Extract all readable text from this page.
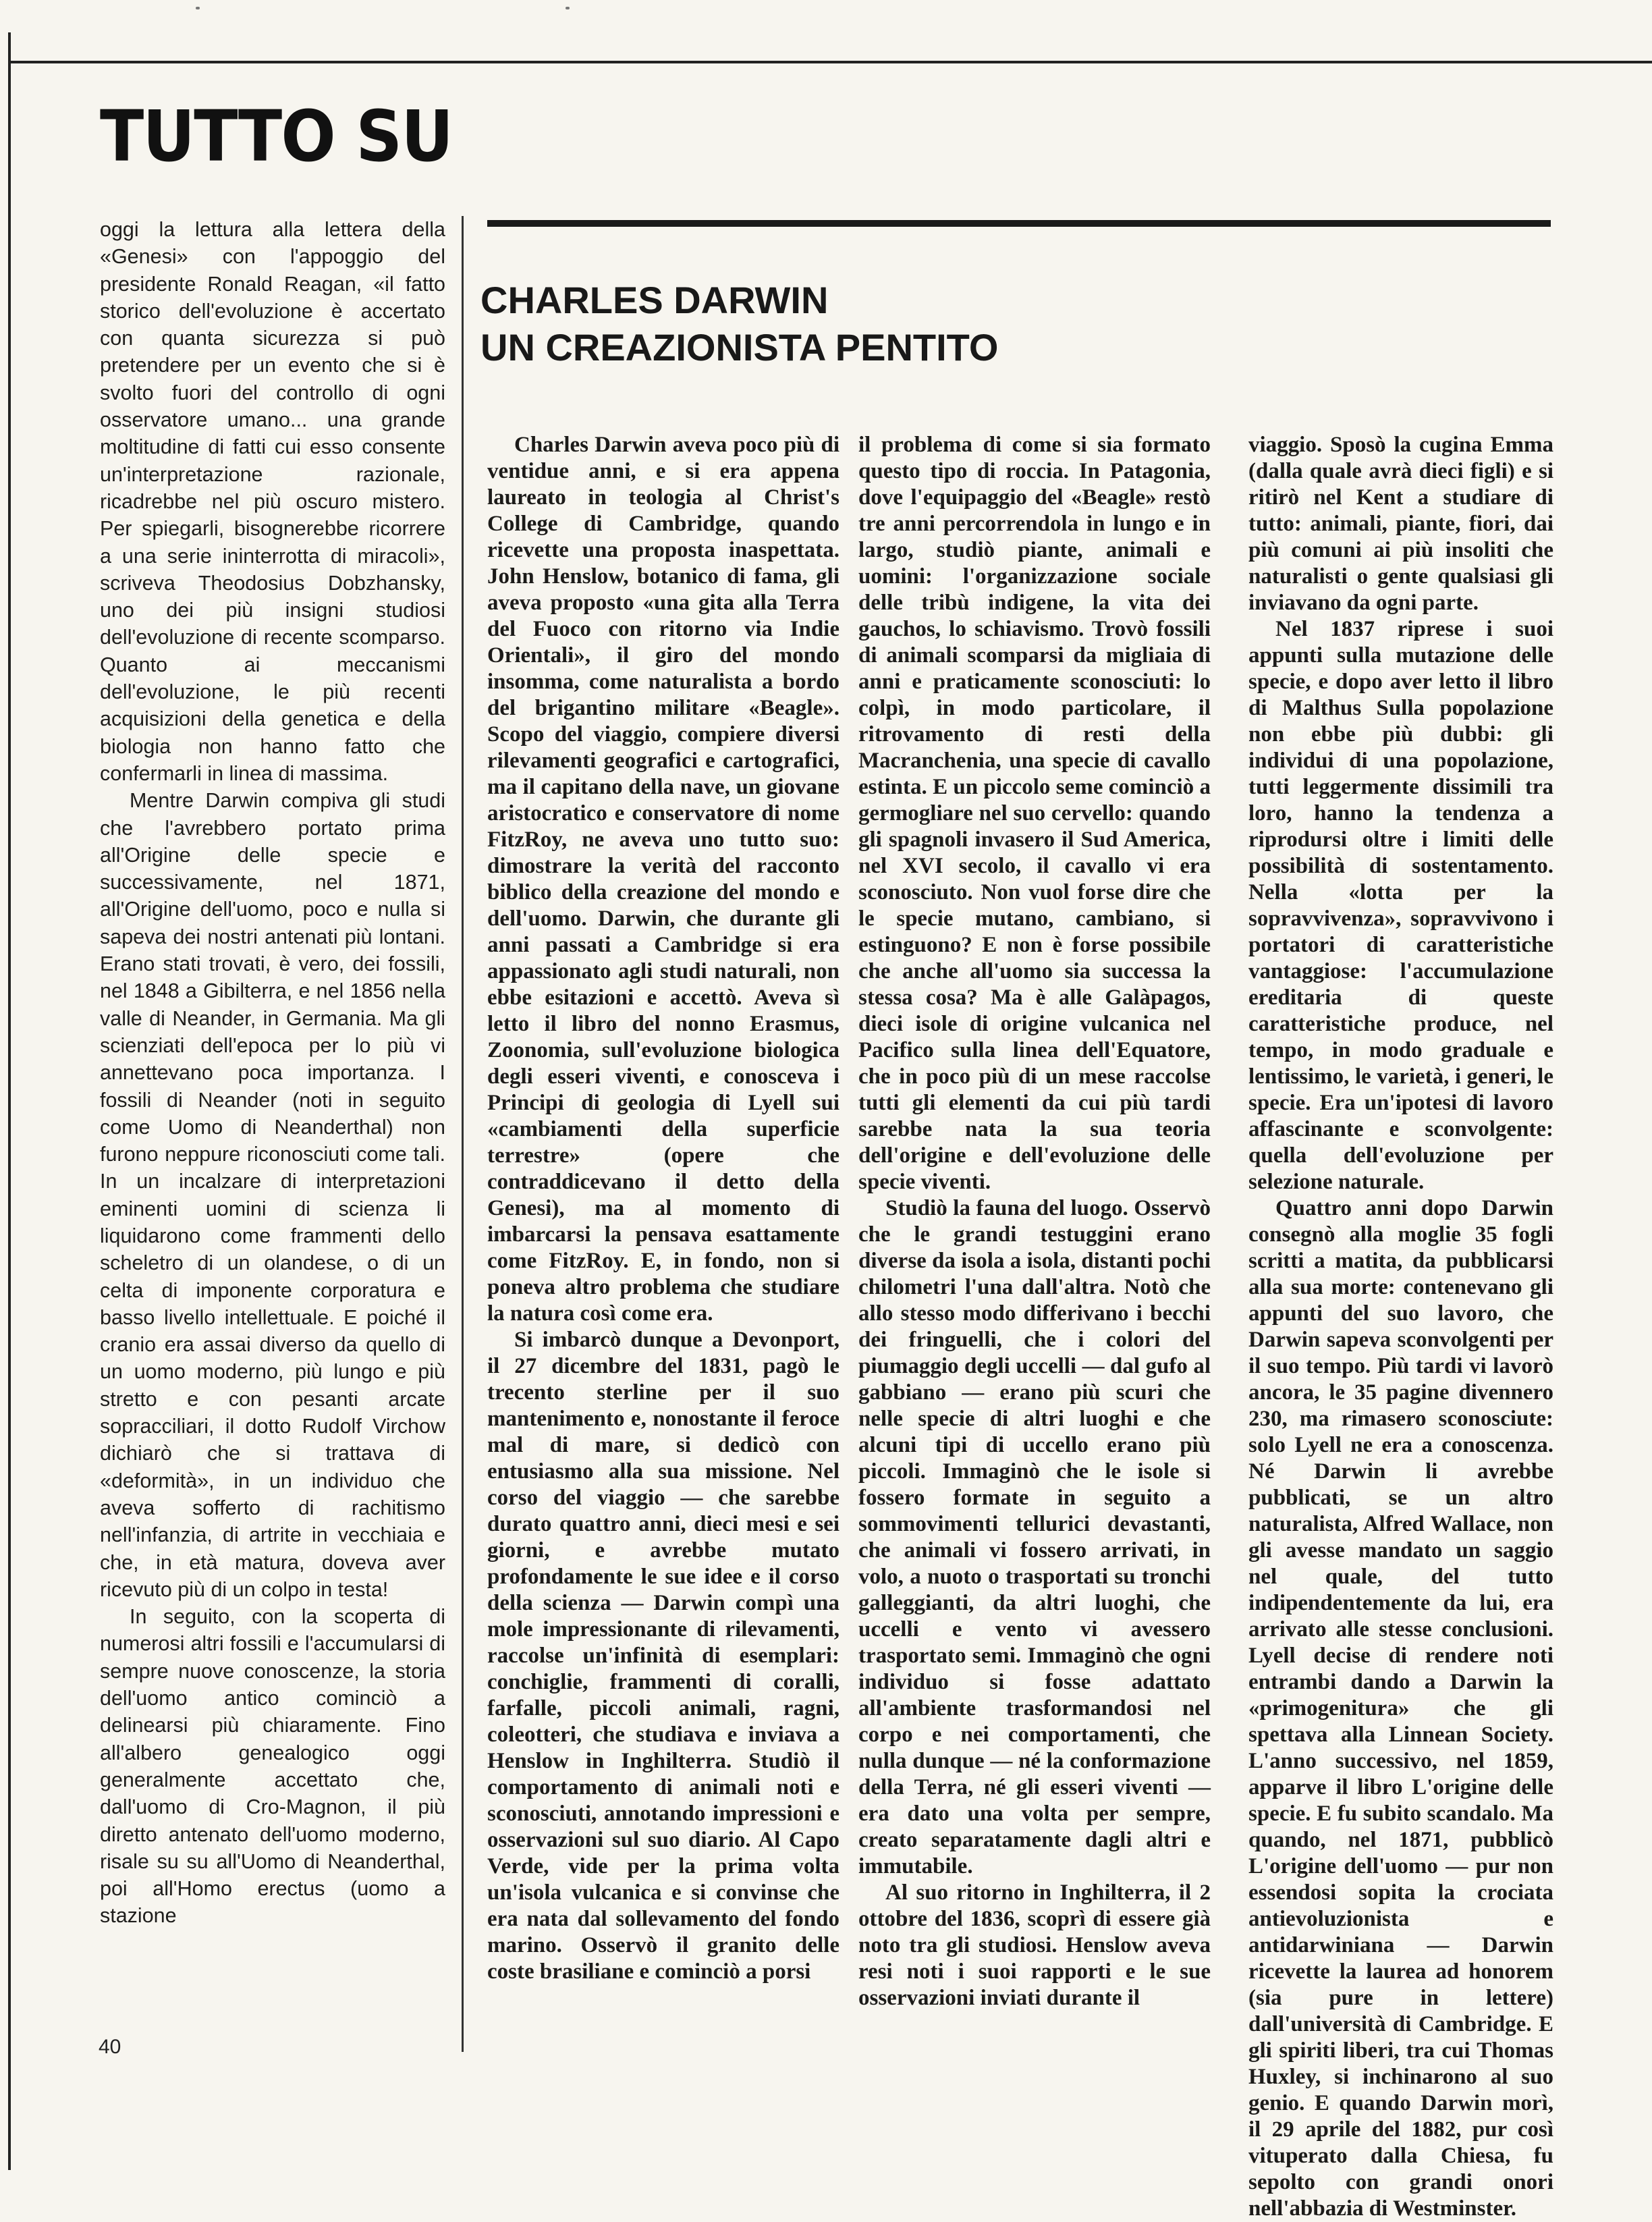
TUTTO SU

oggi la lettura alla lettera della «Genesi» con l'appoggio del presidente Ronald Reagan, «il fatto storico dell'evoluzione è accertato con quanta sicurezza si può pretendere per un evento che si è svolto fuori del controllo di ogni osservatore umano... una grande moltitudine di fatti cui esso consente un'interpretazione razionale, ricadrebbe nel più oscuro mistero. Per spiegarli, bisognerebbe ricorrere a una serie ininterrotta di miracoli», scriveva Theodosius Dobzhansky, uno dei più insigni studiosi dell'evoluzione di recente scomparso. Quanto ai meccanismi dell'evoluzione, le più recenti acquisizioni della genetica e della biologia non hanno fatto che confermarli in linea di massima.

Mentre Darwin compiva gli studi che l'avrebbero portato prima all'Origine delle specie e successivamente, nel 1871, all'Origine dell'uomo, poco e nulla si sapeva dei nostri antenati più lontani. Erano stati trovati, è vero, dei fossili, nel 1848 a Gibilterra, e nel 1856 nella valle di Neander, in Germania. Ma gli scienziati dell'epoca per lo più vi annettevano poca importanza. I fossili di Neander (noti in seguito come Uomo di Neanderthal) non furono neppure riconosciuti come tali. In un incalzare di interpretazioni eminenti uomini di scienza li liquidarono come frammenti dello scheletro di un olandese, o di un celta di imponente corporatura e basso livello intellettuale. E poiché il cranio era assai diverso da quello di un uomo moderno, più lungo e più stretto e con pesanti arcate sopracciliari, il dotto Rudolf Virchow dichiarò che si trattava di «deformità», in un individuo che aveva sofferto di rachitismo nell'infanzia, di artrite in vecchiaia e che, in età matura, doveva aver ricevuto più di un colpo in testa!

In seguito, con la scoperta di numerosi altri fossili e l'accumularsi di sempre nuove conoscenze, la storia dell'uomo antico cominciò a delinearsi più chiaramente. Fino all'albero genealogico oggi generalmente accettato che, dall'uomo di Cro-Magnon, il più diretto antenato dell'uomo moderno, risale su su all'Uomo di Neanderthal, poi all'Homo erectus (uomo a stazione

CHARLES DARWIN
UN CREAZIONISTA PENTITO

Charles Darwin aveva poco più di ventidue anni, e si era appena laureato in teologia al Christ's College di Cambridge, quando ricevette una proposta inaspettata. John Henslow, botanico di fama, gli aveva proposto «una gita alla Terra del Fuoco con ritorno via Indie Orientali», il giro del mondo insomma, come naturalista a bordo del brigantino militare «Beagle». Scopo del viaggio, compiere diversi rilevamenti geografici e cartografici, ma il capitano della nave, un giovane aristocratico e conservatore di nome FitzRoy, ne aveva uno tutto suo: dimostrare la verità del racconto biblico della creazione del mondo e dell'uomo. Darwin, che durante gli anni passati a Cambridge si era appassionato agli studi naturali, non ebbe esitazioni e accettò. Aveva sì letto il libro del nonno Erasmus, Zoonomia, sull'evoluzione biologica degli esseri viventi, e conosceva i Principi di geologia di Lyell sui «cambiamenti della superficie terrestre» (opere che contraddicevano il detto della Genesi), ma al momento di imbarcarsi la pensava esattamente come FitzRoy. E, in fondo, non si poneva altro problema che studiare la natura così come era.

Si imbarcò dunque a Devonport, il 27 dicembre del 1831, pagò le trecento sterline per il suo mantenimento e, nonostante il feroce mal di mare, si dedicò con entusiasmo alla sua missione. Nel corso del viaggio — che sarebbe durato quattro anni, dieci mesi e sei giorni, e avrebbe mutato profondamente le sue idee e il corso della scienza — Darwin compì una mole impressionante di rilevamenti, raccolse un'infinità di esemplari: conchiglie, frammenti di coralli, farfalle, piccoli animali, ragni, coleotteri, che studiava e inviava a Henslow in Inghilterra. Studiò il comportamento di animali noti e sconosciuti, annotando impressioni e osservazioni sul suo diario. Al Capo Verde, vide per la prima volta un'isola vulcanica e si convinse che era nata dal sollevamento del fondo marino. Osservò il granito delle coste brasiliane e cominciò a porsi

il problema di come si sia formato questo tipo di roccia. In Patagonia, dove l'equipaggio del «Beagle» restò tre anni percorrendola in lungo e in largo, studiò piante, animali e uomini: l'organizzazione sociale delle tribù indigene, la vita dei gauchos, lo schiavismo. Trovò fossili di animali scomparsi da migliaia di anni e praticamente sconosciuti: lo colpì, in modo particolare, il ritrovamento di resti della Macranchenia, una specie di cavallo estinta. E un piccolo seme cominciò a germogliare nel suo cervello: quando gli spagnoli invasero il Sud America, nel XVI secolo, il cavallo vi era sconosciuto. Non vuol forse dire che le specie mutano, cambiano, si estinguono? E non è forse possibile che anche all'uomo sia successa la stessa cosa? Ma è alle Galàpagos, dieci isole di origine vulcanica nel Pacifico sulla linea dell'Equatore, che in poco più di un mese raccolse tutti gli elementi da cui più tardi sarebbe nata la sua teoria dell'origine e dell'evoluzione delle specie viventi.

Studiò la fauna del luogo. Osservò che le grandi testuggini erano diverse da isola a isola, distanti pochi chilometri l'una dall'altra. Notò che allo stesso modo differivano i becchi dei fringuelli, che i colori del piumaggio degli uccelli — dal gufo al gabbiano — erano più scuri che nelle specie di altri luoghi e che alcuni tipi di uccello erano più piccoli. Immaginò che le isole si fossero formate in seguito a sommovimenti tellurici devastanti, che animali vi fossero arrivati, in volo, a nuoto o trasportati su tronchi galleggianti, da altri luoghi, che uccelli e vento vi avessero trasportato semi. Immaginò che ogni individuo si fosse adattato all'ambiente trasformandosi nel corpo e nei comportamenti, che nulla dunque — né la conformazione della Terra, né gli esseri viventi — era dato una volta per sempre, creato separatamente dagli altri e immutabile.

Al suo ritorno in Inghilterra, il 2 ottobre del 1836, scoprì di essere già noto tra gli studiosi. Henslow aveva resi noti i suoi rapporti e le sue osservazioni inviati durante il

viaggio. Sposò la cugina Emma (dalla quale avrà dieci figli) e si ritirò nel Kent a studiare di tutto: animali, piante, fiori, dai più comuni ai più insoliti che naturalisti o gente qualsiasi gli inviavano da ogni parte.

Nel 1837 riprese i suoi appunti sulla mutazione delle specie, e dopo aver letto il libro di Malthus Sulla popolazione non ebbe più dubbi: gli individui di una popolazione, tutti leggermente dissimili tra loro, hanno la tendenza a riprodursi oltre i limiti delle possibilità di sostentamento. Nella «lotta per la sopravvivenza», sopravvivono i portatori di caratteristiche vantaggiose: l'accumulazione ereditaria di queste caratteristiche produce, nel tempo, in modo graduale e lentissimo, le varietà, i generi, le specie. Era un'ipotesi di lavoro affascinante e sconvolgente: quella dell'evoluzione per selezione naturale.

Quattro anni dopo Darwin consegnò alla moglie 35 fogli scritti a matita, da pubblicarsi alla sua morte: contenevano gli appunti del suo lavoro, che Darwin sapeva sconvolgenti per il suo tempo. Più tardi vi lavorò ancora, le 35 pagine divennero 230, ma rimasero sconosciute: solo Lyell ne era a conoscenza. Né Darwin li avrebbe pubblicati, se un altro naturalista, Alfred Wallace, non gli avesse mandato un saggio nel quale, del tutto indipendentemente da lui, era arrivato alle stesse conclusioni. Lyell decise di rendere noti entrambi dando a Darwin la «primogenitura» che gli spettava alla Linnean Society. L'anno successivo, nel 1859, apparve il libro L'origine delle specie. E fu subito scandalo. Ma quando, nel 1871, pubblicò L'origine dell'uomo — pur non essendosi sopita la crociata antievoluzionista e antidarwiniana — Darwin ricevette la laurea ad honorem (sia pure in lettere) dall'università di Cambridge. E gli spiriti liberi, tra cui Thomas Huxley, si inchinarono al suo genio. E quando Darwin morì, il 29 aprile del 1882, pur così vituperato dalla Chiesa, fu sepolto con grandi onori nell'abbazia di Westminster.

40
